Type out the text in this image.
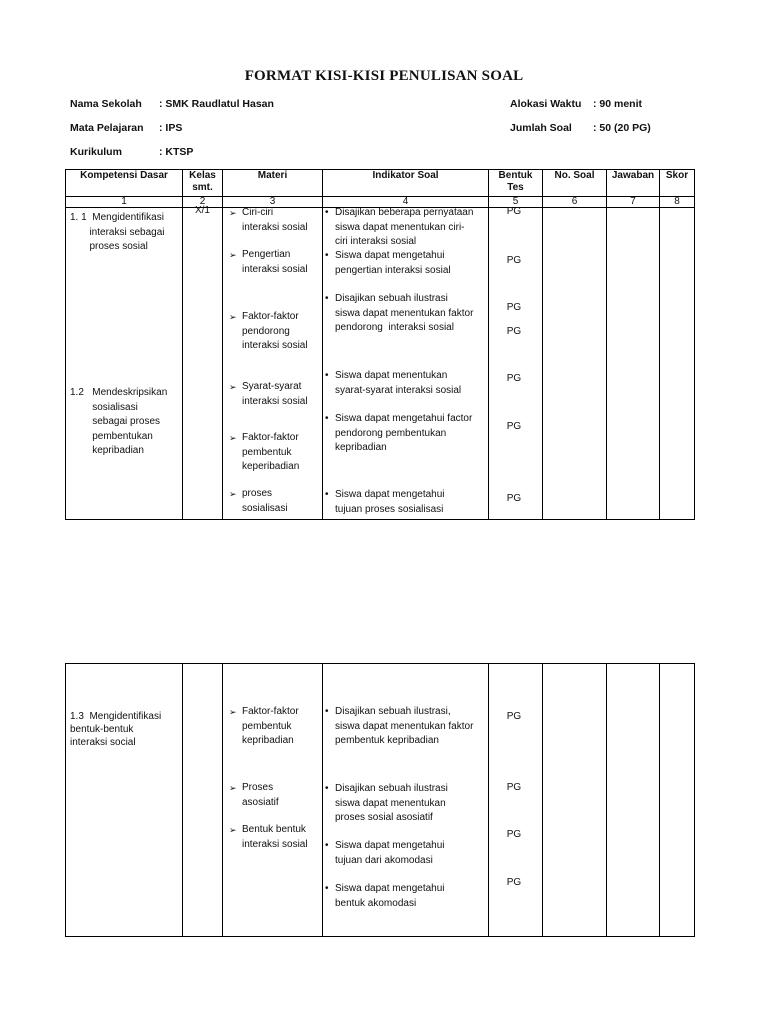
FORMAT KISI-KISI PENULISAN SOAL
Nama Sekolah : SMK Raudlatul Hasan
Mata Pelajaran : IPS
Kurikulum	: KTSP
Alokasi Waktu : 90 menit
Jumlah Soal : 50 (20 PG)
Kompetensi Dasar	Kelas
smt.
Materi	Indikator Soal	Bentuk
Tes
No. Soal	Jawaban	Skor
1	2	3	4	5	6	7	8
1. 1  Mengidentifikasi
interaksi sebagai
proses sosial
1.2   Mendeskripsikan
sosialisasi
sebagai proses
pembentukan
kepribadian
X/1
➢	Ciri-ciri
interaksi sosial
➢ Pengertian
interaksi sosial
➢ Faktor-faktor
pendorong
interaksi sosial
➢ Syarat-syarat
interaksi sosial
➢ Faktor-faktor
pembentuk
keperibadian
➢ proses
sosialisasi
• Disajikan beberapa pernyataan
siswa dapat menentukan ciri-
ciri interaksi sosial
• Siswa dapat mengetahui
pengertian interaksi sosial
• Disajikan sebuah ilustrasi
siswa dapat menentukan faktor
pendorong  interaksi sosial
• Siswa dapat menentukan
syarat-syarat interaksi sosial
• Siswa dapat mengetahui factor
pendorong pembentukan
kepribadian
• Siswa dapat mengetahui
tujuan proses sosialisasi
PG
PG
PG
PG
PG
PG
PG
1.3  Mengidentifikasi
bentuk-bentuk
interaksi social
➢ Faktor-faktor
pembentuk
kepribadian
➢ Proses
asosiatif
➢ Bentuk bentuk
interaksi sosial
• Disajikan sebuah ilustrasi,
siswa dapat menentukan faktor
pembentuk kepribadian
• Disajikan sebuah ilustrasi
siswa dapat menentukan
proses sosial asosiatif
• Siswa dapat mengetahui
tujuan dari akomodasi
• Siswa dapat mengetahui
bentuk akomodasi
PG
PG
PG
PG
